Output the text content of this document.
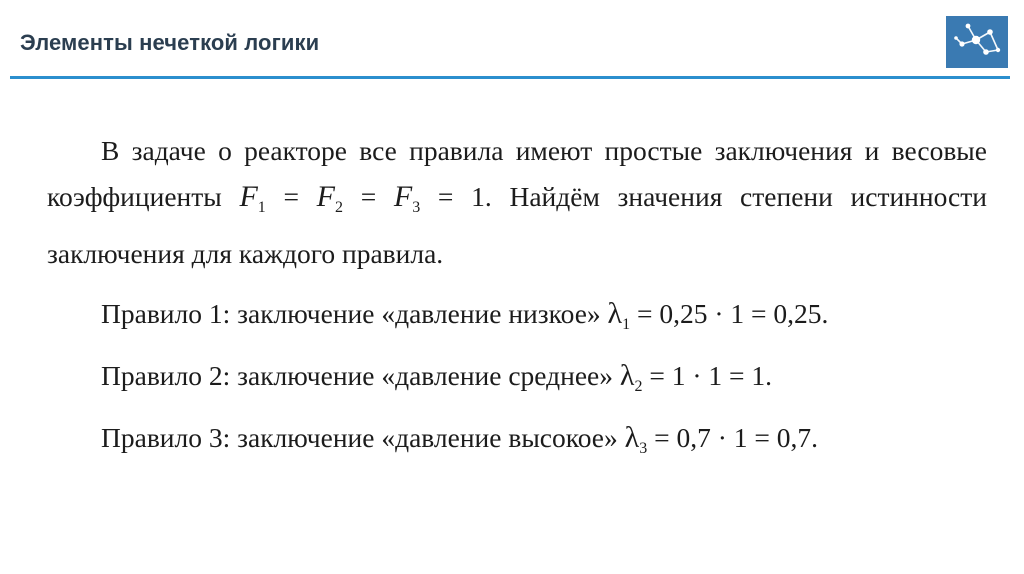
Элементы нечеткой логики

В задаче о реакторе все правила имеют простые заключения и весовые коэффициенты $F_1 = F_2 = F_3 = 1$. Найдём значения степени истинности заключения для каждого правила.

Правило 1: заключение «давление низкое» $\lambda_1 = 0,25 \cdot 1 = 0,25$.

Правило 2: заключение «давление среднее» $\lambda_2 = 1 \cdot 1 = 1$.

Правило 3: заключение «давление высокое» $\lambda_3 = 0,7 \cdot 1 = 0,7$.
